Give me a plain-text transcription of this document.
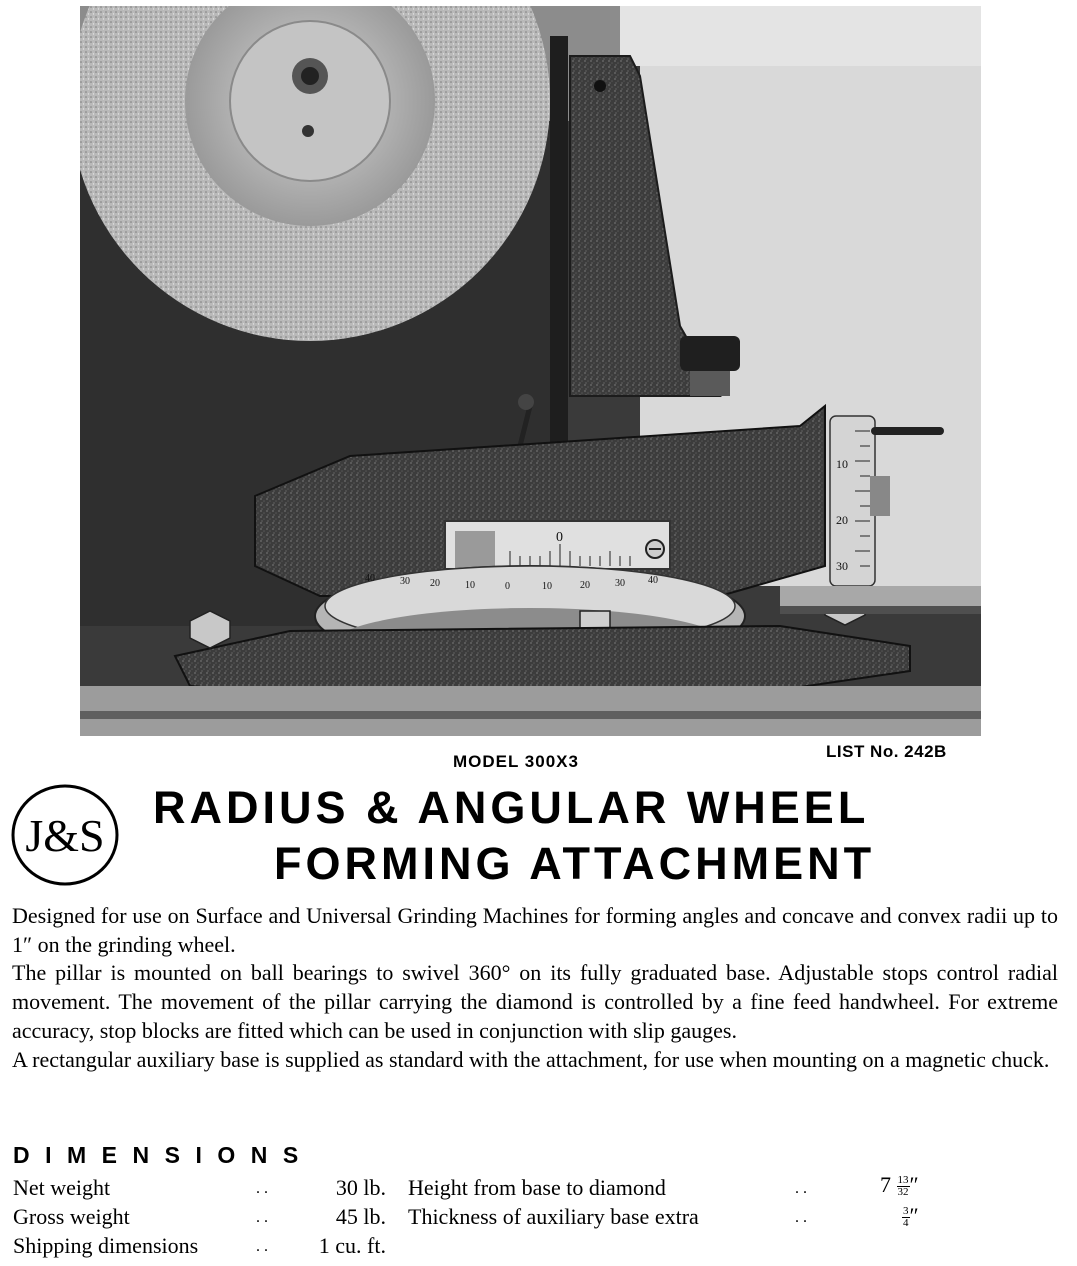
0
10
20
30
40	30 20	10	0	10	20	30 40
MODEL 300X3
LIST No. 242B
J&S
RADIUS & ANGULAR WHEEL
FORMING ATTACHMENT

Designed for use on Surface and Universal Grinding Machines for forming angles and concave and convex radii up to 1″ on the grinding wheel.

The pillar is mounted on ball bearings to swivel 360° on its fully graduated base. Adjustable stops control radial movement. The movement of the pillar carrying the diamond is controlled by a fine feed handwheel. For extreme accuracy, stop blocks are fitted which can be used in conjunction with slip gauges.

A rectangular auxiliary base is supplied as standard with the attachment, for use when mounting on a magnetic chuck.

DIMENSIONS
Net weight	. .	30 lb.
Gross weight	. .	45 lb.
Shipping dimensions	. .	1 cu. ft.
Height from base to diamond	. .	$7 \frac{13}{32}$ ″
Thickness of auxiliary base extra	. .	$\frac{3}{4}$ ″
